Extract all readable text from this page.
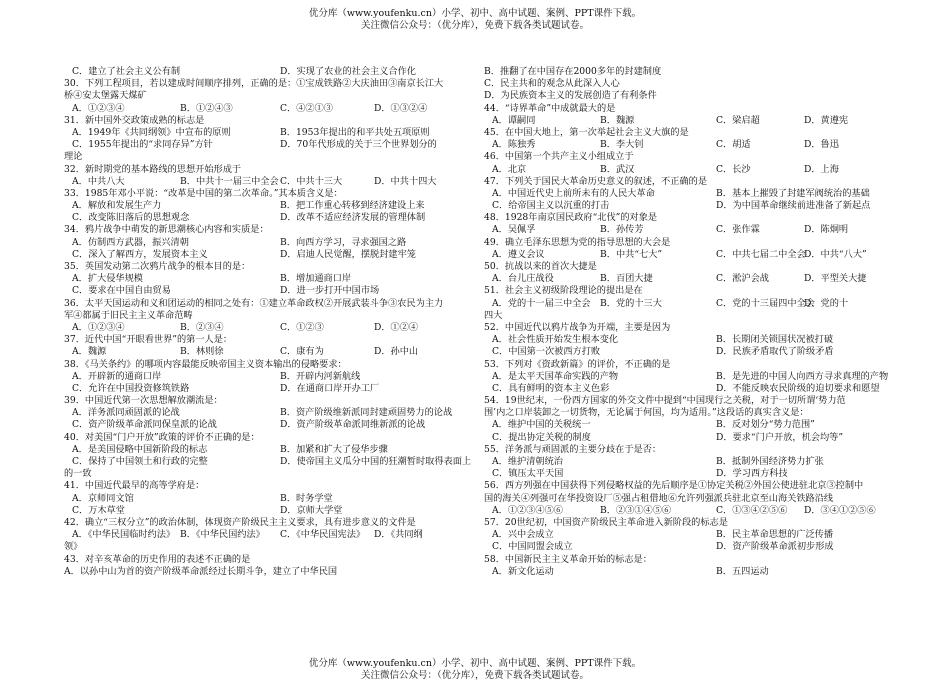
优分库（www.youfenku.cn）小学、初中、高中试题、案例、PPT课件下载。
关注微信公众号：（优分库），免费下载各类试题试卷。
C．建立了社会主义公有制	D．实现了农业的社会主义合作化
30．下列工程项目，若以建成时间顺序排列，正确的是：①宝成铁路②大庆油田③南京长江大
桥④安太堡露天煤矿
A．①②③④	B．①②④③	C．④②①③	D．①③②④
31．新中国外交政策成熟的标志是
A．1949年《共同纲领》中宣布的原则	B．1953年提出的和平共处五项原则
C．1955年提出的“求同存异”方针	D．70年代形成的关于三个世界划分的
理论
32．新时期党的基本路线的思想开始形成于
A．中共八大	B．中共十一届三中全会 C．中共十三大	D．中共十四大
33．1985年邓小平说：“改革是中国的第二次革命。”其本质含义是：
A．解放和发展生产力	B．把工作重心转移到经济建设上来
C．改变陈旧落后的思想观念	D．改革不适应经济发展的管理体制
34．鸦片战争中萌发的新思潮核心内容和实质是：
A．仿制西方武器，振兴清朝	B．向西方学习，寻求强国之路
C．深入了解西方，发展资本主义	D．启迪人民觉醒，摆脱封建牢笼
35．英国发动第二次鸦片战争的根本目的是：
A．扩大侵华规模	B．增加通商口岸
C．要求在中国自由贸易	D．进一步打开中国市场
36．太平天国运动和义和团运动的相同之处有：①建立革命政权②开展武装斗争③农民为主力
军④都属于旧民主主义革命范畴
A．①②③④	B．②③④	C．①②③	D．①②④
37．近代中国“开眼看世界”的第一人是：
A．魏源	B．林则徐	C．康有为	D．孙中山
38．《马关条约》的哪项内容最能反映帝国主义资本输出的侵略要求：
A．开辟新的通商口岸	B．开辟内河新航线
C．允许在中国投资修筑铁路	D．在通商口岸开办工厂
39．中国近代第一次思想解放潮流是：
A．洋务派同顽固派的论战	B．资产阶级维新派同封建顽固势力的论战
C．资产阶级革命派同保皇派的论战	D．资产阶级革命派同维新派的论战
40．对美国“门户开放”政策的评价不正确的是：
A．是美国侵略中国新阶段的标志	B．加紧和扩大了侵华步骤
C．保持了中国领土和行政的完整	D．使帝国主义瓜分中国的狂潮暂时取得表面上
的一致
41．中国近代最早的高等学府是：
A．京师同文馆	B．时务学堂
C．万木草堂	D．京师大学堂
42．确立“三权分立”的政治体制，体现资产阶级民主主义要求，具有进步意义的文件是
A．《中华民国临时约法》 B．《中华民国约法》 C．《中华民国宪法》 D．《共同纲
领》
43．对辛亥革命的历史作用的表述不正确的是
A．以孙中山为首的资产阶级革命派经过长期斗争，建立了中华民国
B．推翻了在中国存在2000多年的封建制度
C．民主共和的观念从此深入人心
D．为民族资本主义的发展创造了有利条件
44．“诗界革命”中成就最大的是
A．谭嗣同	B．魏源	C．梁启超	D．黄遵宪
45．在中国大地上，第一次举起社会主义大旗的是
A．陈独秀	B．李大钊	C．胡适	D．鲁迅
46．中国第一个共产主义小组成立于
A．北京	B．武汉	C．长沙	D．上海
47．下列关于国民大革命历史意义的叙述，不正确的是
A．中国近代史上前所未有的人民大革命	B．基本上摧毁了封建军阀统治的基础
C．给帝国主义以沉重的打击	D．为中国革命继续前进准备了新起点
48．1928年南京国民政府“北伐”的对象是
A．吴佩孚	B．孙传芳	C．张作霖	D．陈炯明
49．确立毛泽东思想为党的指导思想的大会是
A．遵义会议	B．中共“七大”	C．中共七届二中全会
D．中共“八大”
50．抗战以来的首次大捷是
A．台儿庄战役	B．百团大捷	C．淞沪会战	D．平型关大捷
51．社会主义初级阶段理论的提出是在
A．党的十一届三中全会 B．党的十三大	C．党的十三届四中全会
D．党的十
四大
52．中国近代以鸦片战争为开端，主要是因为
A．社会性质开始发生根本变化	B．长期闭关锁国状况被打破
C．中国第一次被西方打败	D．民族矛盾取代了阶级矛盾
53．下列对《资政新篇》的评价，不正确的是
A．是太平天国革命实践的产物	B．是先进的中国人向西方寻求真理的产物
C．具有鲜明的资本主义色彩	D．不能反映农民阶级的迫切要求和愿望
54．19世纪末，一份西方国家的外交文件中提到“中国现行之关税，对于一切所谓‘势力范
围’内之口岸装卸之一切货物，无论属于何国，均为适用。”这段话的真实含义是：
A．维护中国的关税统一	B．反对划分“势力范围”
C．提出协定关税的制度	D．要求“门户开放，机会均等”
55．洋务派与顽固派的主要分歧在于是否：
A．维护清朝统治	B．抵制外国经济势力扩张
C．镇压太平天国	D．学习西方科技
56．西方列强在中国获得下列侵略权益的先后顺序是①协定关税②外国公使进驻北京③控制中
国的海关④列强可在华投资设厂⑤强占租借地⑥允许列强派兵驻北京至山海关铁路沿线
A．①②③④⑤⑥	B．②③①④⑤⑥	C．①③④②⑤⑥ D．③④①②⑤⑥
57．20世纪初，中国资产阶级民主革命进入新阶段的标志是
A．兴中会成立	B．民主革命思想的广泛传播
C．中国同盟会成立	D．资产阶级革命派初步形成
58．中国新民主主义革命开始的标志是：
A．新文化运动	B．五四运动
优分库（www.youfenku.cn）小学、初中、高中试题、案例、PPT课件下载。
关注微信公众号：（优分库），免费下载各类试题试卷。
